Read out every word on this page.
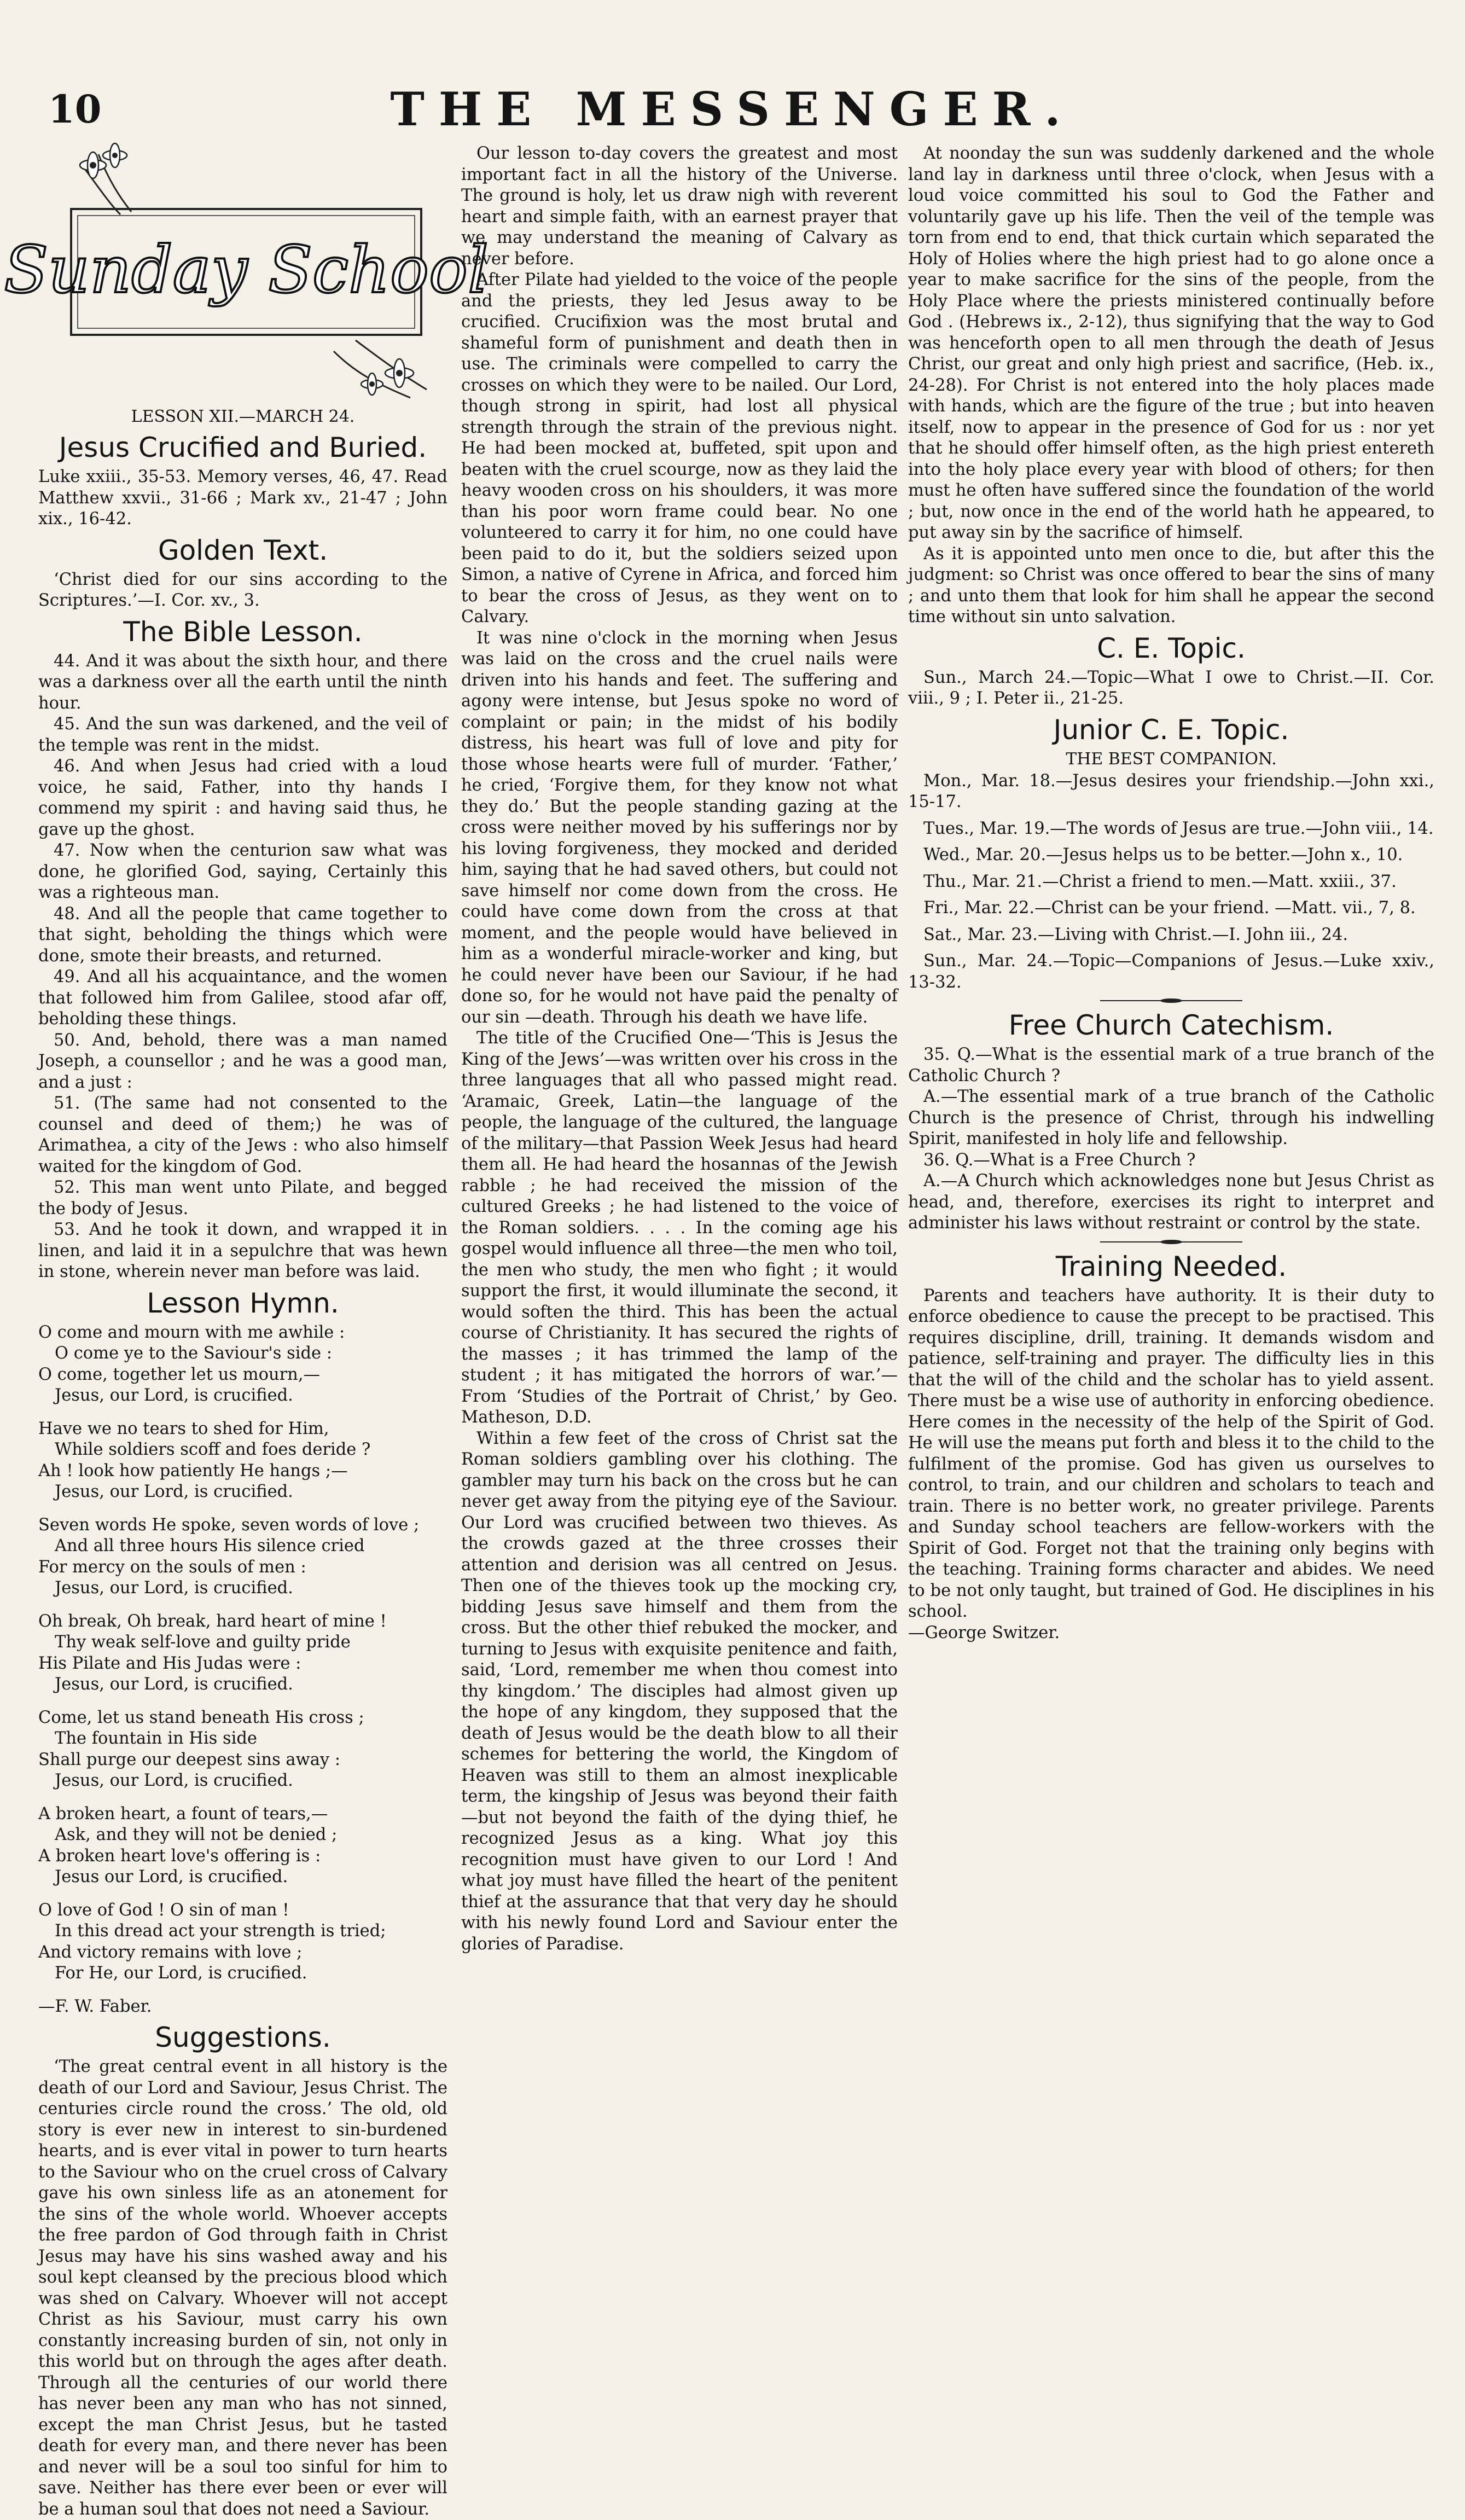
10	THE MESSENGER.
Sunday School
LESSON XII.—MARCH 24.
Jesus Crucified and Buried.

Luke xxiii., 35-53. Memory verses, 46, 47. Read Matthew xxvii., 31-66 ; Mark xv., 21-47 ; John xix., 16-42.

Golden Text.

‘Christ died for our sins according to the Scriptures.’—I. Cor. xv., 3.

The Bible Lesson.

44. And it was about the sixth hour, and there was a darkness over all the earth until the ninth hour.

45. And the sun was darkened, and the veil of the temple was rent in the midst.

46. And when Jesus had cried with a loud voice, he said, Father, into thy hands I commend my spirit : and having said thus, he gave up the ghost.

47. Now when the centurion saw what was done, he glorified God, saying, Certainly this was a righteous man.

48. And all the people that came together to that sight, beholding the things which were done, smote their breasts, and returned.

49. And all his acquaintance, and the women that followed him from Galilee, stood afar off, beholding these things.

50. And, behold, there was a man named Joseph, a counsellor ; and he was a good man, and a just :

51. (The same had not consented to the counsel and deed of them;) he was of Arimathea, a city of the Jews : who also himself waited for the kingdom of God.

52. This man went unto Pilate, and begged the body of Jesus.

53. And he took it down, and wrapped it in linen, and laid it in a sepulchre that was hewn in stone, wherein never man before was laid.

Lesson Hymn.

O come and mourn with me awhile :

O come ye to the Saviour's side :

O come, together let us mourn,—

Jesus, our Lord, is crucified.

Have we no tears to shed for Him,

While soldiers scoff and foes deride ?

Ah ! look how patiently He hangs ;—

Jesus, our Lord, is crucified.

Seven words He spoke, seven words of love ;

And all three hours His silence cried

For mercy on the souls of men :

Jesus, our Lord, is crucified.

Oh break, Oh break, hard heart of mine !

Thy weak self-love and guilty pride

His Pilate and His Judas were :

Jesus, our Lord, is crucified.

Come, let us stand beneath His cross ;

The fountain in His side

Shall purge our deepest sins away :

Jesus, our Lord, is crucified.

A broken heart, a fount of tears,—

Ask, and they will not be denied ;

A broken heart love's offering is :

Jesus our Lord, is crucified.

O love of God ! O sin of man !

In this dread act your strength is tried;

And victory remains with love ;

For He, our Lord, is crucified.

—F. W. Faber.

Suggestions.

‘The great central event in all history is the death of our Lord and Saviour, Jesus Christ. The centuries circle round the cross.’ The old, old story is ever new in interest to sin-burdened hearts, and is ever vital in power to turn hearts to the Saviour who on the cruel cross of Calvary gave his own sinless life as an atonement for the sins of the whole world. Whoever accepts the free pardon of God through faith in Christ Jesus may have his sins washed away and his soul kept cleansed by the precious blood which was shed on Calvary. Whoever will not accept Christ as his Saviour, must carry his own constantly increasing burden of sin, not only in this world but on through the ages after death. Through all the centuries of our world there has never been any man who has not sinned, except the man Christ Jesus, but he tasted death for every man, and there never has been and never will be a soul too sinful for him to save. Neither has there ever been or ever will be a human soul that does not need a Saviour.

Our lesson to-day covers the greatest and most important fact in all the history of the Universe. The ground is holy, let us draw nigh with reverent heart and simple faith, with an earnest prayer that we may understand the meaning of Calvary as never before.

After Pilate had yielded to the voice of the people and the priests, they led Jesus away to be crucified. Crucifixion was the most brutal and shameful form of punishment and death then in use. The criminals were compelled to carry the crosses on which they were to be nailed. Our Lord, though strong in spirit, had lost all physical strength through the strain of the previous night. He had been mocked at, buffeted, spit upon and beaten with the cruel scourge, now as they laid the heavy wooden cross on his shoulders, it was more than his poor worn frame could bear. No one volunteered to carry it for him, no one could have been paid to do it, but the soldiers seized upon Simon, a native of Cyrene in Africa, and forced him to bear the cross of Jesus, as they went on to Calvary.

It was nine o'clock in the morning when Jesus was laid on the cross and the cruel nails were driven into his hands and feet. The suffering and agony were intense, but Jesus spoke no word of complaint or pain; in the midst of his bodily distress, his heart was full of love and pity for those whose hearts were full of murder. ‘Father,’ he cried, ‘Forgive them, for they know not what they do.’ But the people standing gazing at the cross were neither moved by his sufferings nor by his loving forgiveness, they mocked and derided him, saying that he had saved others, but could not save himself nor come down from the cross. He could have come down from the cross at that moment, and the people would have believed in him as a wonderful miracle-worker and king, but he could never have been our Saviour, if he had done so, for he would not have paid the penalty of our sin —death. Through his death we have life.

The title of the Crucified One—‘This is Jesus the King of the Jews’—was written over his cross in the three languages that all who passed might read. ‘Aramaic, Greek, Latin—the language of the people, the language of the cultured, the language of the military—that Passion Week Jesus had heard them all. He had heard the hosannas of the Jewish rabble ; he had received the mission of the cultured Greeks ; he had listened to the voice of the Roman soldiers. . . . In the coming age his gospel would influence all three—the men who toil, the men who study, the men who fight ; it would support the first, it would illuminate the second, it would soften the third. This has been the actual course of Christianity. It has secured the rights of the masses ; it has trimmed the lamp of the student ; it has mitigated the horrors of war.’—From ‘Studies of the Portrait of Christ,’ by Geo. Matheson, D.D.

Within a few feet of the cross of Christ sat the Roman soldiers gambling over his clothing. The gambler may turn his back on the cross but he can never get away from the pitying eye of the Saviour. Our Lord was crucified between two thieves. As the crowds gazed at the three crosses their attention and derision was all centred on Jesus. Then one of the thieves took up the mocking cry, bidding Jesus save himself and them from the cross. But the other thief rebuked the mocker, and turning to Jesus with exquisite penitence and faith, said, ‘Lord, remember me when thou comest into thy kingdom.’ The disciples had almost given up the hope of any kingdom, they supposed that the death of Jesus would be the death blow to all their schemes for bettering the world, the Kingdom of Heaven was still to them an almost inexplicable term, the kingship of Jesus was beyond their faith—but not beyond the faith of the dying thief, he recognized Jesus as a king. What joy this recognition must have given to our Lord ! And what joy must have filled the heart of the penitent thief at the assurance that that very day he should with his newly found Lord and Saviour enter the glories of Paradise.

At noonday the sun was suddenly darkened and the whole land lay in darkness until three o'clock, when Jesus with a loud voice committed his soul to God the Father and voluntarily gave up his life. Then the veil of the temple was torn from end to end, that thick curtain which separated the Holy of Holies where the high priest had to go alone once a year to make sacrifice for the sins of the people, from the Holy Place where the priests ministered continually before God . (Hebrews ix., 2-12), thus signifying that the way to God was henceforth open to all men through the death of Jesus Christ, our great and only high priest and sacrifice, (Heb. ix., 24-28). For Christ is not entered into the holy places made with hands, which are the figure of the true ; but into heaven itself, now to appear in the presence of God for us : nor yet that he should offer himself often, as the high priest entereth into the holy place every year with blood of others; for then must he often have suffered since the foundation of the world ; but, now once in the end of the world hath he appeared, to put away sin by the sacrifice of himself.

As it is appointed unto men once to die, but after this the judgment: so Christ was once offered to bear the sins of many ; and unto them that look for him shall he appear the second time without sin unto salvation.

C. E. Topic.

Sun., March 24.—Topic—What I owe to Christ.—II. Cor. viii., 9 ; I. Peter ii., 21-25.

Junior C. E. Topic.
THE BEST COMPANION.

Mon., Mar. 18.—Jesus desires your friendship.—John xxi., 15-17.

Tues., Mar. 19.—The words of Jesus are true.—John viii., 14.

Wed., Mar. 20.—Jesus helps us to be better.—John x., 10.

Thu., Mar. 21.—Christ a friend to men.—Matt. xxiii., 37.

Fri., Mar. 22.—Christ can be your friend. —Matt. vii., 7, 8.

Sat., Mar. 23.—Living with Christ.—I. John iii., 24.

Sun., Mar. 24.—Topic—Companions of Jesus.—Luke xxiv., 13-32.

Free Church Catechism.

35. Q.—What is the essential mark of a true branch of the Catholic Church ?

A.—The essential mark of a true branch of the Catholic Church is the presence of Christ, through his indwelling Spirit, manifested in holy life and fellowship.

36. Q.—What is a Free Church ?

A.—A Church which acknowledges none but Jesus Christ as head, and, therefore, exercises its right to interpret and administer his laws without restraint or control by the state.

Training Needed.

Parents and teachers have authority. It is their duty to enforce obedience to cause the precept to be practised. This requires discipline, drill, training. It demands wisdom and patience, self-training and prayer. The difficulty lies in this that the will of the child and the scholar has to yield assent. There must be a wise use of authority in enforcing obedience. Here comes in the necessity of the help of the Spirit of God. He will use the means put forth and bless it to the child to the fulfilment of the promise. God has given us ourselves to control, to train, and our children and scholars to teach and train. There is no better work, no greater privilege. Parents and Sunday school teachers are fellow-workers with the Spirit of God. Forget not that the training only begins with the teaching. Training forms character and abides. We need to be not only taught, but trained of God. He disciplines in his school.

—George Switzer.
